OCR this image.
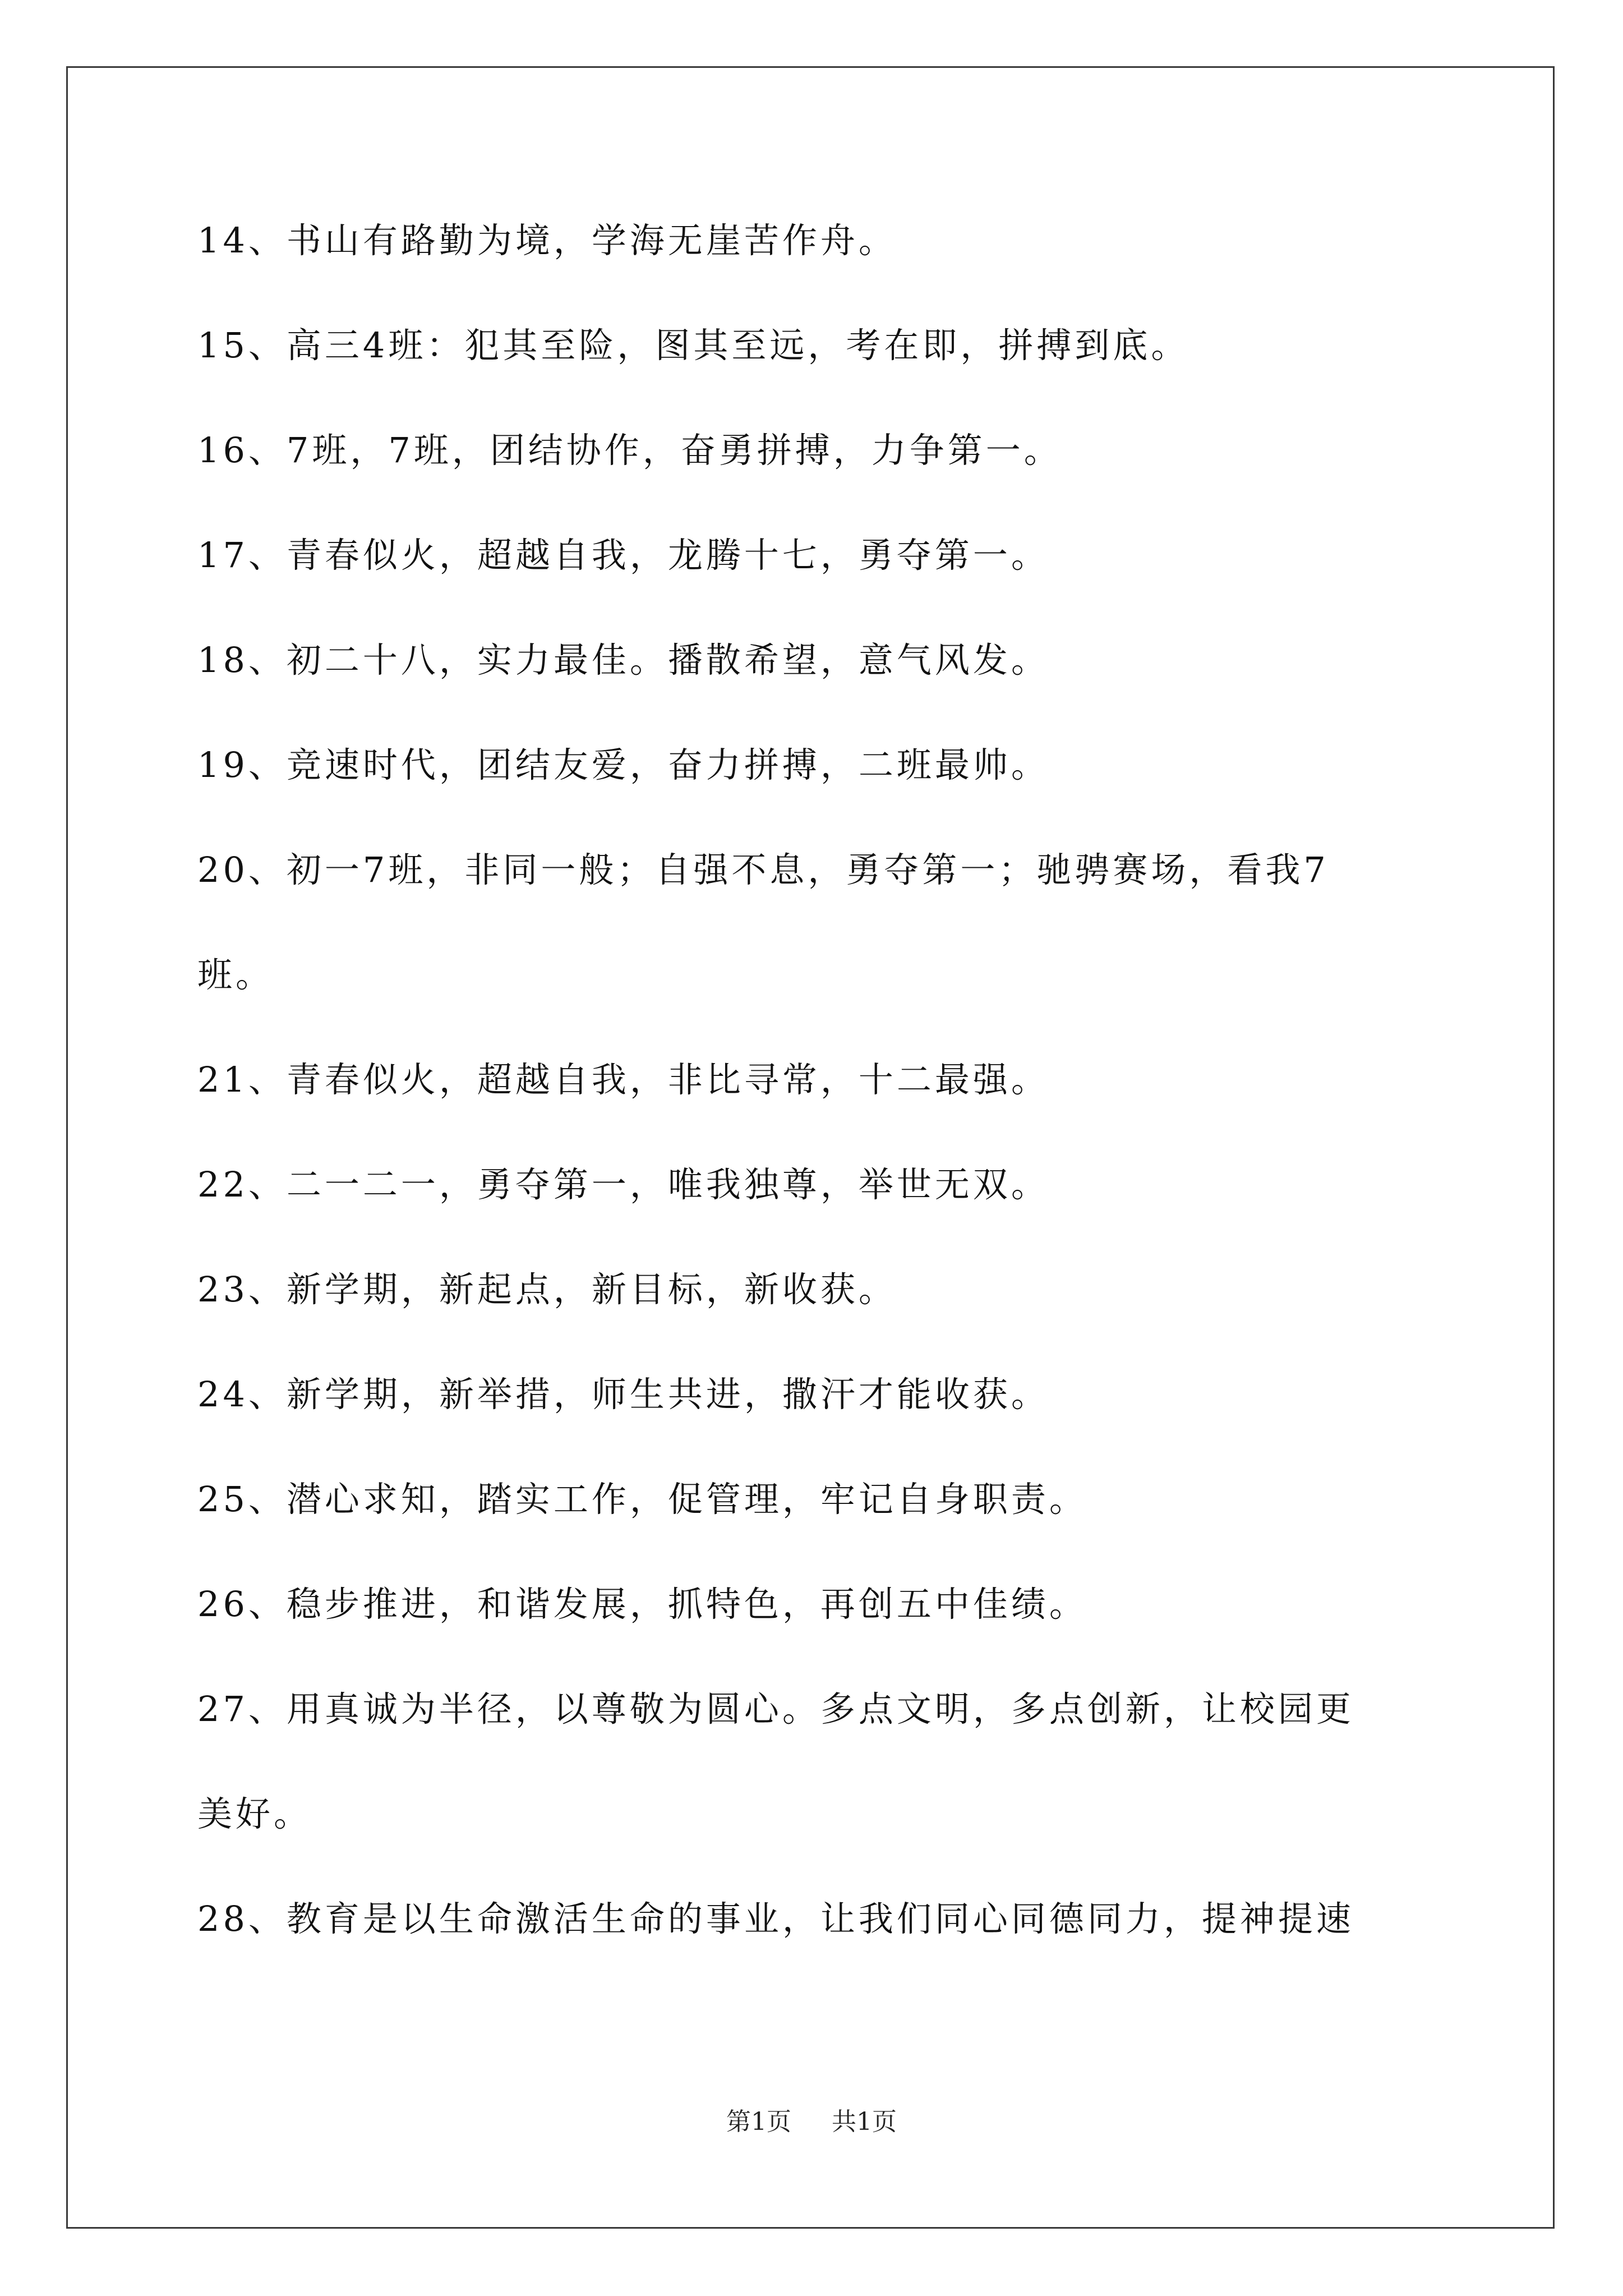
14、书山有路勤为境，学海无崖苦作舟。
15、高三4班：犯其至险，图其至远，考在即，拼搏到底。
16、7班，7班，团结协作，奋勇拼搏，力争第一。
17、青春似火，超越自我，龙腾十七，勇夺第一。
18、初二十八，实力最佳。播散希望，意气风发。
19、竞速时代，团结友爱，奋力拼搏，二班最帅。
20、初一7班，非同一般；自强不息，勇夺第一；驰骋赛场，看我7
班。
21、青春似火，超越自我，非比寻常，十二最强。
22、二一二一，勇夺第一，唯我独尊，举世无双。
23、新学期，新起点，新目标，新收获。
24、新学期，新举措，师生共进，撒汗才能收获。
25、潜心求知，踏实工作，促管理，牢记自身职责。
26、稳步推进，和谐发展，抓特色，再创五中佳绩。
27、用真诚为半径，以尊敬为圆心。多点文明，多点创新，让校园更
美好。
28、教育是以生命激活生命的事业，让我们同心同德同力，提神提速
第1页 共1页
